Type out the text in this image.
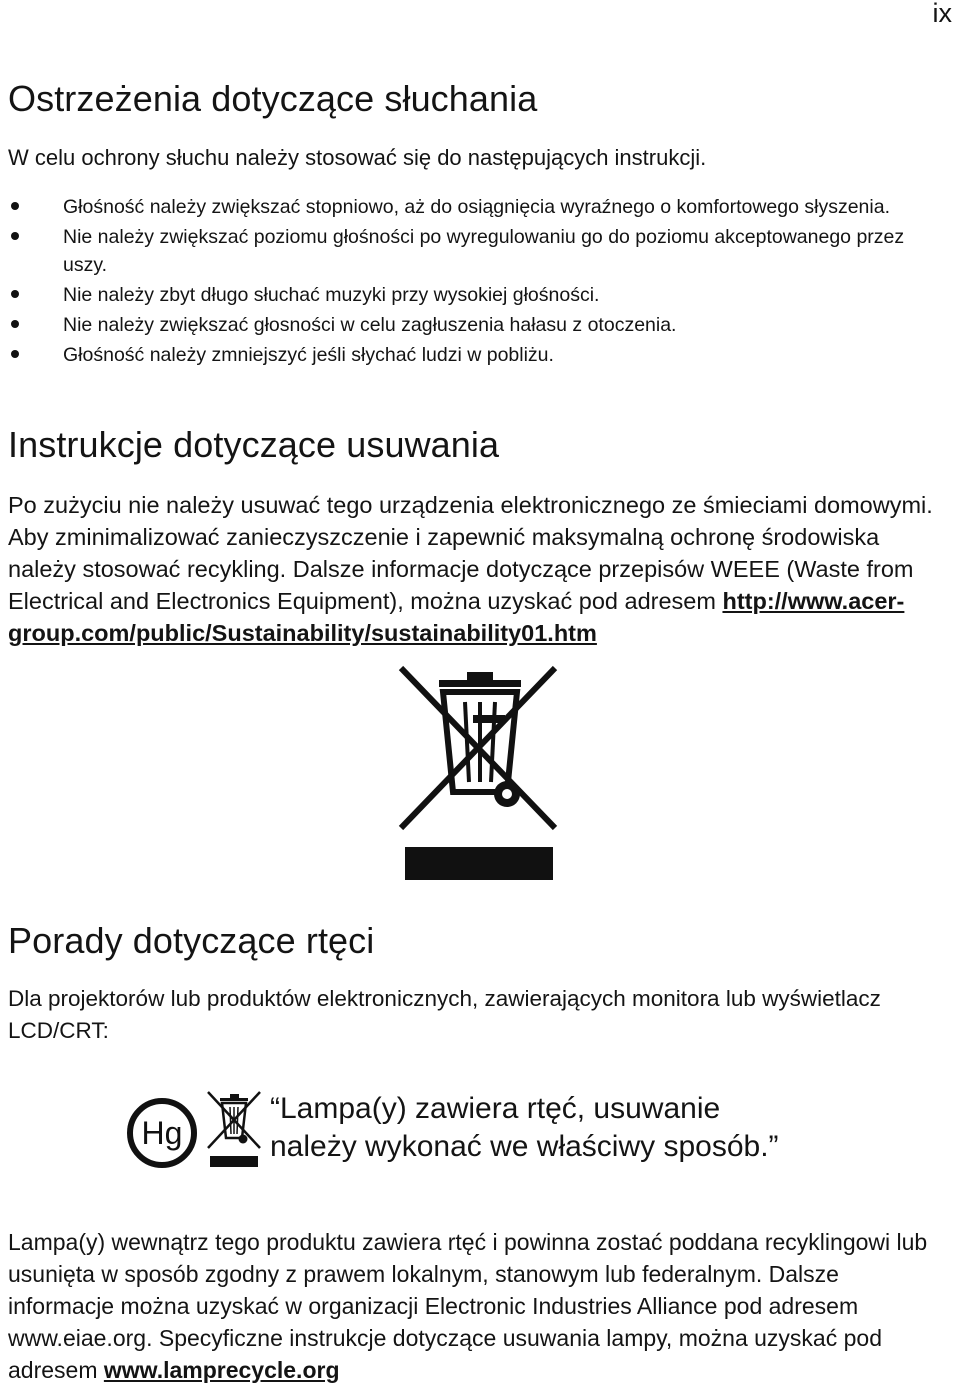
ix
Ostrzeżenia dotyczące słuchania
W celu ochrony słuchu należy stosować się do następujących instrukcji.
Głośność należy zwiększać stopniowo, aż do osiągnięcia wyraźnego o komfortowego słyszenia.
Nie należy zwiększać poziomu głośności po wyregulowaniu go do poziomu akceptowanego przez uszy.
Nie należy zbyt długo słuchać muzyki przy wysokiej głośności.
Nie należy zwiększać głosności w celu zagłuszenia hałasu z otoczenia.
Głośność należy zmniejszyć jeśli słychać ludzi w pobliżu.
Instrukcje dotyczące usuwania
Po zużyciu nie należy usuwać tego urządzenia elektronicznego ze śmieciami domowymi. Aby zminimalizować zanieczyszczenie i zapewnić maksymalną ochronę środowiska należy stosować recykling. Dalsze informacje dotyczące przepisów WEEE (Waste from Electrical and Electronics Equipment), można uzyskać pod adresem http://www.acer-group.com/public/Sustainability/sustainability01.htm
Porady dotyczące rtęci
Dla projektorów lub produktów elektronicznych, zawierających monitora lub wyświetlacz LCD/CRT:
Hg
“Lampa(y) zawiera rtęć, usuwanie
należy wykonać we właściwy sposób.”
Lampa(y) wewnątrz tego produktu zawiera rtęć i powinna zostać poddana recyklingowi lub usunięta w sposób zgodny z prawem lokalnym, stanowym lub federalnym. Dalsze informacje można uzyskać w organizacji Electronic Industries Alliance pod adresem www.eiae.org. Specyficzne instrukcje dotyczące usuwania lampy, można uzyskać pod adresem www.lamprecycle.org
